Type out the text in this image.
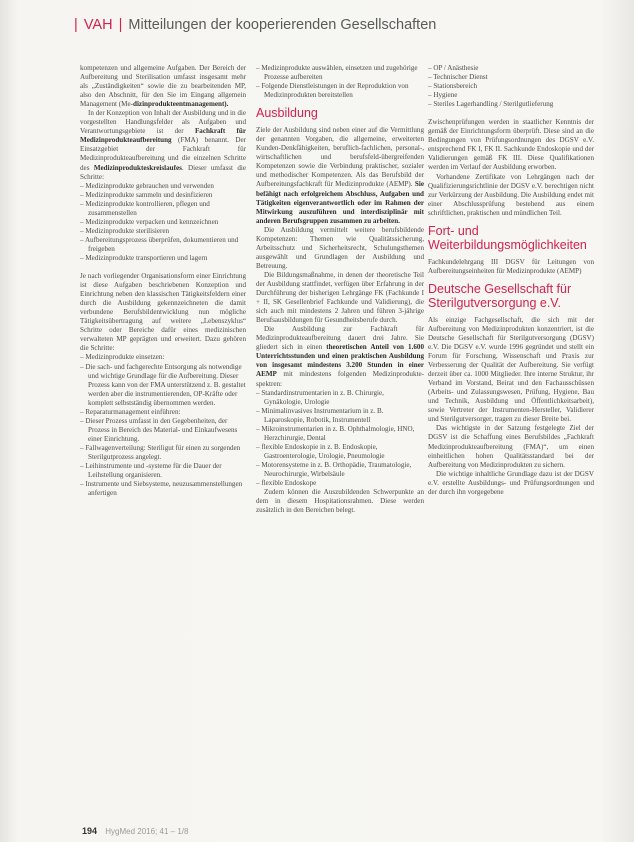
| VAH | Mitteilungen der kooperierenden Gesellschaften

kompetenzen und allgemeine Aufgaben. Der Bereich der Aufbereitung und Sterilisation umfasst insgesamt mehr als „Zuständigkeiten“ sowie die zu bearbeitenden MP, also den Abschnitt, für den Sie im Eingang allgemein Management (Me-dizinprodukteentmanagement).

In der Konzeption von Inhalt der Ausbildung und in die vorgestellten Handlungsfelder als Aufgaben und Verantwortungsgebiete ist der Fachkraft für Medizinprodukteaufbereitung (FMA) benannt. Der Einsatzgebiet der Fachkraft für Medizinprodukteaufbereitung und die einzelnen Schritte des Medizinprodukteskreislaufes. Dieser umfasst die Schritte:

– Medizinprodukte gebrauchen und verwenden
– Medizinprodukte sammeln und desinfizieren
– Medizinprodukte kontrollieren, pflegen und zusammenstellen
– Medizinprodukte verpacken und kennzeichnen
– Medizinprodukte sterilisieren
– Aufbereitungsprozess überprüfen, dokumentieren und freigeben
– Medizinprodukte transportieren und lagern

Je nach vorliegender Organisationsform einer Einrichtung ist diese Aufgaben beschriebenen Konzeption und Einrichtung neben den klassischen Tätigkeitsfeldern einer durch die Ausbildung gekennzeichneten die damit verbundene Berufsbildentwicklung nun mögliche Tätigkeitsübertragung auf weitere „Lebenszyklus“ Schritte oder Bereiche dafür eines medizinischen verwalteten MP geprägten und erweitert. Dazu gehören die Schritte:

– Medizinprodukte einsetzen:
– Die sach- und fachgerechte Entsorgung als notwendige und wichtige Grundlage für die Aufbereitung. Dieser Prozess kann von der FMA unterstützend z. B. gestaltet werden aber die instrumentierenden, OP-Kräfte oder komplett selbstständig übernommen werden.
– Reparaturmanagement einführen:
– Dieser Prozess umfasst in den Gegebenheiten, der Prozess in Bereich des Material- und Einkaufwesens einer Einrichtung.
– Fallwagenverteilung: Steriligut für einen zu sorgenden Sterilgutprozess angelegt.
– Leihinstrumente und -systeme für die Dauer der Leihstellung organisieren.
– Instrumente und Siebsysteme, neuzusammenstellungen anfertigen
– Medizinprodukte auswählen, einsetzen und zugehörige Prozesse aufbereiten
– Folgende Dienstleistungen in der Reproduktion von Medizinprodukten bereitstellen
Ausbildung

Ziele der Ausbildung sind neben einer auf die Vermittlung der genannten Vorgaben, die allgemeine, erweiterten Kunden-Denkfähigkeiten, beruflich-fachlichen, personal-, wirtschaftlichen und berufsfeld-übergreifenden Kompetenzen sowie die Verbindung praktischer, sozialer und methodischer Kompetenzen. Als das Berufsbild der Aufbereitungsfachkraft für Medizinprodukte (AEMP). Sie befähigt nach erfolgreichem Abschluss, Aufgaben und Tätigkeiten eigenverantwortlich oder im Rahmen der Mitwirkung auszuführen und interdisziplinär mit anderen Berufsgruppen zusammen zu arbeiten.

Die Ausbildung vermittelt weitere berufsbildende Kompetenzen: Themen wie Qualitätssicherung, Arbeitsschutz und Sicherheitsrecht, Schulungsthemen ausgewählt und Grundlagen der Ausbildung und Betreuung.

Die Bildungsmaßnahme, in denen der theoretische Teil der Ausbildung stattfindet, verfügen über Erfahrung in der Durchführung der bisherigen Lehrgänge FK (Fachkunde I + II, SK Gesellenbrief Fachkunde und Validierung), die sich auch mit mindestens 2 Jahren und führen 3-jährige Berufsausbildungen für Gesundheitsberufe durch.

Die Ausbildung zur Fachkraft für Medizinprodukteaufbereitung dauert drei Jahre. Sie gliedert sich in einen theoretischen Anteil von 1.600 Unterrichtsstunden und einen praktischen Ausbildung von insgesamt mindestens 3.200 Stunden in einer AEMP mit mindestens folgenden Medizinprodukte-spektren:

– Standardinstrumentarien in z. B. Chirurgie, Gynäkologie, Urologie
– Minimalinvasives Instrumentarium in z. B. Laparoskopie, Robotik, Instrumentell
– Mikroinstrumentarien in z. B. Ophthalmologie, HNO, Herzchirurgie, Dental
– flexible Endoskopie in z. B. Endoskopie, Gastroenterologie, Urologie, Pneumologie
– Motorensysteme in z. B. Orthopädie, Traumatologie, Neurochirurgie, Wirbelsäule
– flexible Endoskope

Zudem können die Auszubildenden Schwerpunkte an dem in diesem Hospitationsrahmen. Diese werden zusätzlich in den Bereichen belegt.

– OP / Anästhesie
– Technischer Dienst
– Stationsbereich
– Hygiene
– Steriles Lagerhandling / Sterilgutlieferung

Zwischenprüfungen werden in staatlicher Kenntnis der gemäß der Einrichtungsform überprüft. Diese sind an die Bedingungen von Prüfungsordnungen des DGSV e.V. entsprechend FK I, FK II. Sachkunde Endoskopie und der Validierungen gemäß FK III. Diese Qualifikationen werden im Verlauf der Ausbildung erworben.

Vorhandene Zertifikate von Lehrgängen nach der Qualifizierungsrichtlinie der DGSV e.V. berechtigen nicht zur Verkürzung der Ausbildung. Die Ausbildung endet mit einer Abschlussprüfung bestehend aus einem schriftlichen, praktischen und mündlichen Teil.

Fort- und Weiterbildungsmöglichkeiten

Fachkundelehrgang III DGSV für Leitungen von Aufbereitungseinheiten für Medizinprodukte (AEMP)

Deutsche Gesellschaft für Sterilgutversorgung e.V.

Als einzige Fachgesellschaft, die sich mit der Aufbereitung von Medizinprodukten konzentriert, ist die Deutsche Gesellschaft für Sterilgutversorgung (DGSV) e.V. Die DGSV e.V. wurde 1996 gegründet und stellt ein Forum für Forschung, Wissenschaft und Praxis zur Verbesserung der Qualität der Aufbereitung. Sie verfügt derzeit über ca. 1000 Mitglieder. Ihre interne Struktur, ihr Verband im Vorstand, Beirat und den Fachausschüssen (Arbeits- und Zulassungswesen, Prüfung, Hygiene, Bau und Technik, Ausbildung und Öffentlichkeitsarbeit), sowie Vertreter der Instrumenten-Hersteller, Validierer und Sterilgutversorger, tragen zu dieser Breite bei.

Das wichtigste in der Satzung festgelegte Ziel der DGSV ist die Schaffung eines Berufsbildes „Fachkraft Medizinprodukteaufbereitung (FMA)“, um einen einheitlichen hohen Qualitätsstandard bei der Aufbereitung von Medizinprodukten zu sichern.

Die wichtige inhaltliche Grundlage dazu ist der DGSV e.V. erstellte Ausbildungs- und Prüfungsordnungen und der durch ihn vorgegebene

194 HygMed 2016; 41 – 1/8
